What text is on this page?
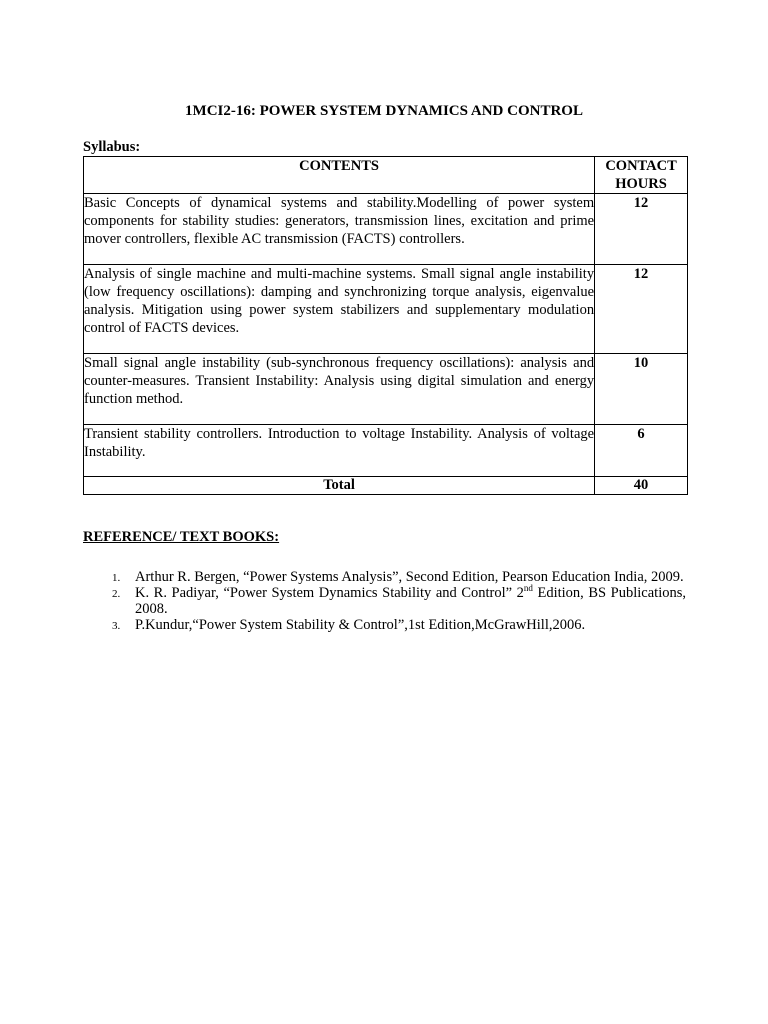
1MCI2-16: POWER SYSTEM DYNAMICS AND CONTROL
Syllabus:
CONTENTS	CONTACT
HOURS
Basic Concepts of dynamical systems and stability.Modelling of power system components for stability studies: generators, transmission lines, excitation and prime mover controllers, flexible AC transmission (FACTS) controllers.	12
Analysis of single machine and multi-machine systems. Small signal angle instability (low frequency oscillations): damping and synchronizing torque analysis, eigenvalue analysis. Mitigation using power system stabilizers and supplementary modulation control of FACTS devices.	12
Small signal angle instability (sub-synchronous frequency oscillations): analysis and counter-measures. Transient Instability: Analysis using digital simulation and energy function method.	10
Transient stability controllers. Introduction to voltage Instability. Analysis of voltage Instability.	6
Total	40
REFERENCE/ TEXT BOOKS:
1. Arthur R. Bergen, “Power Systems Analysis”, Second Edition, Pearson Education India, 2009.
2. K. R. Padiyar, “Power System Dynamics Stability and Control” 2nd Edition, BS Publications, 2008.
3. P.Kundur,“Power System Stability & Control”,1st Edition,McGrawHill,2006.
